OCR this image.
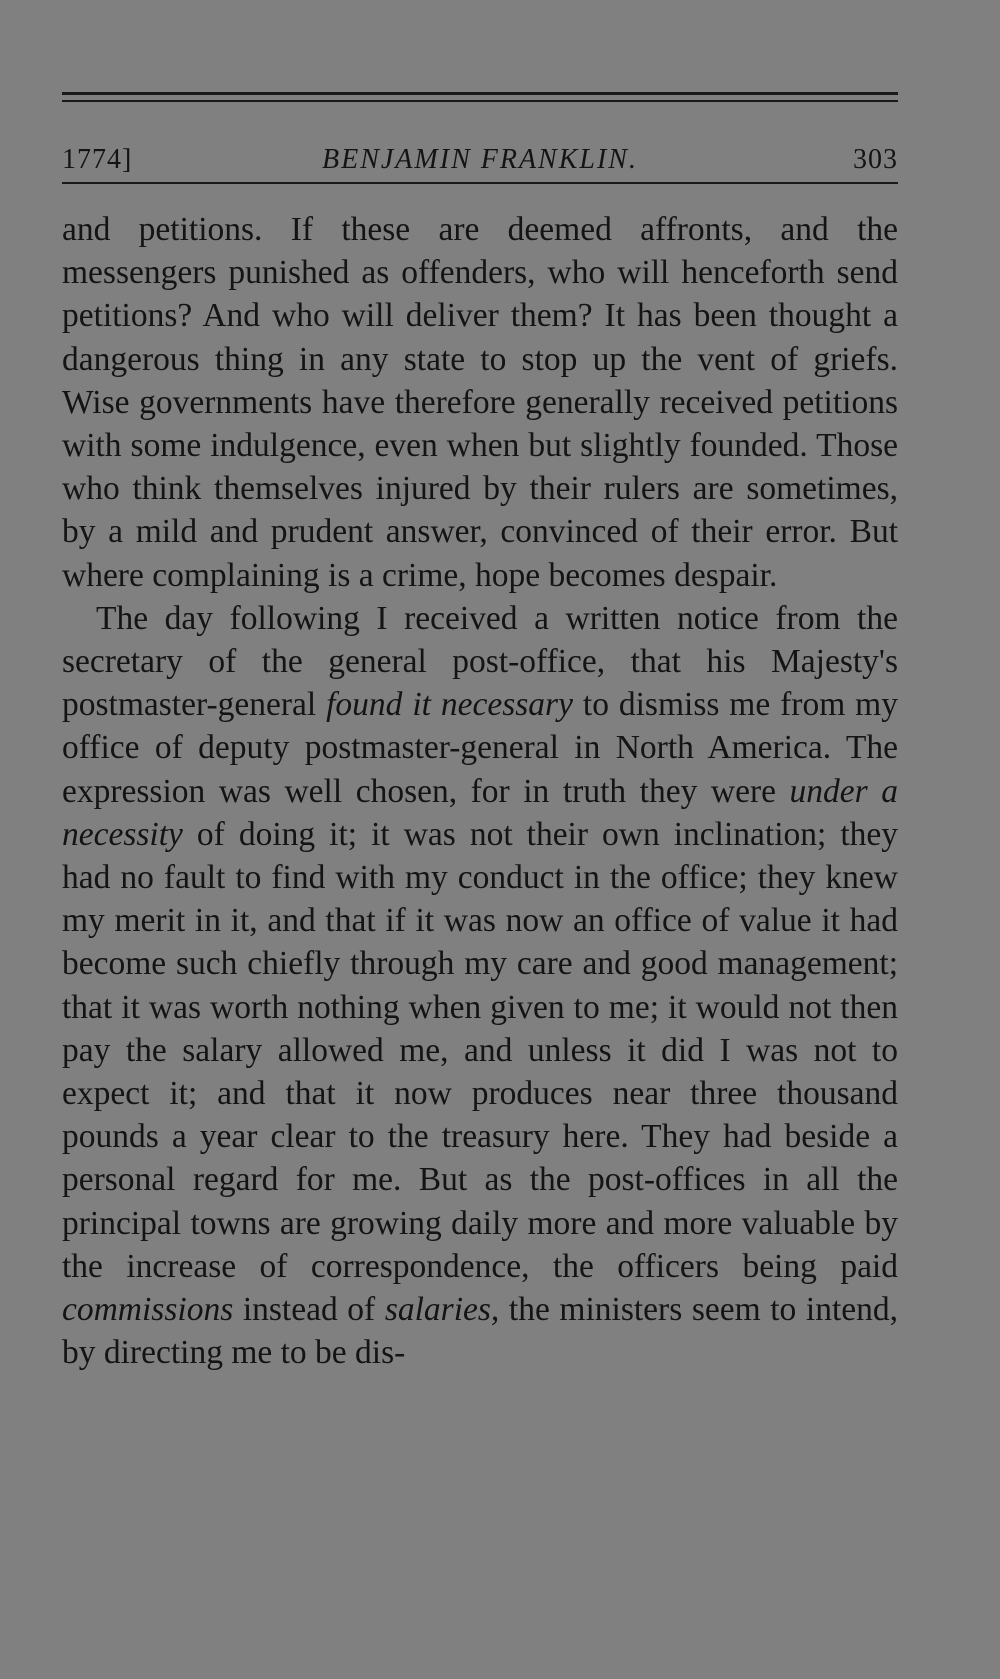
1774]	BENJAMIN FRANKLIN.	303

and petitions. If these are deemed affronts, and the messengers punished as offenders, who will henceforth send petitions? And who will deliver them? It has been thought a dangerous thing in any state to stop up the vent of griefs. Wise governments have therefore generally received petitions with some indulgence, even when but slightly founded. Those who think themselves injured by their rulers are sometimes, by a mild and prudent answer, convinced of their error. But where complaining is a crime, hope becomes despair.

The day following I received a written notice from the secretary of the general post-office, that his Majesty's postmaster-general found it necessary to dismiss me from my office of deputy postmaster-general in North America. The expression was well chosen, for in truth they were under a necessity of doing it; it was not their own inclination; they had no fault to find with my conduct in the office; they knew my merit in it, and that if it was now an office of value it had become such chiefly through my care and good management; that it was worth nothing when given to me; it would not then pay the salary allowed me, and unless it did I was not to expect it; and that it now produces near three thousand pounds a year clear to the treasury here. They had beside a personal regard for me. But as the post-offices in all the principal towns are growing daily more and more valuable by the increase of correspondence, the officers being paid commissions instead of salaries, the ministers seem to intend, by directing me to be dis-
